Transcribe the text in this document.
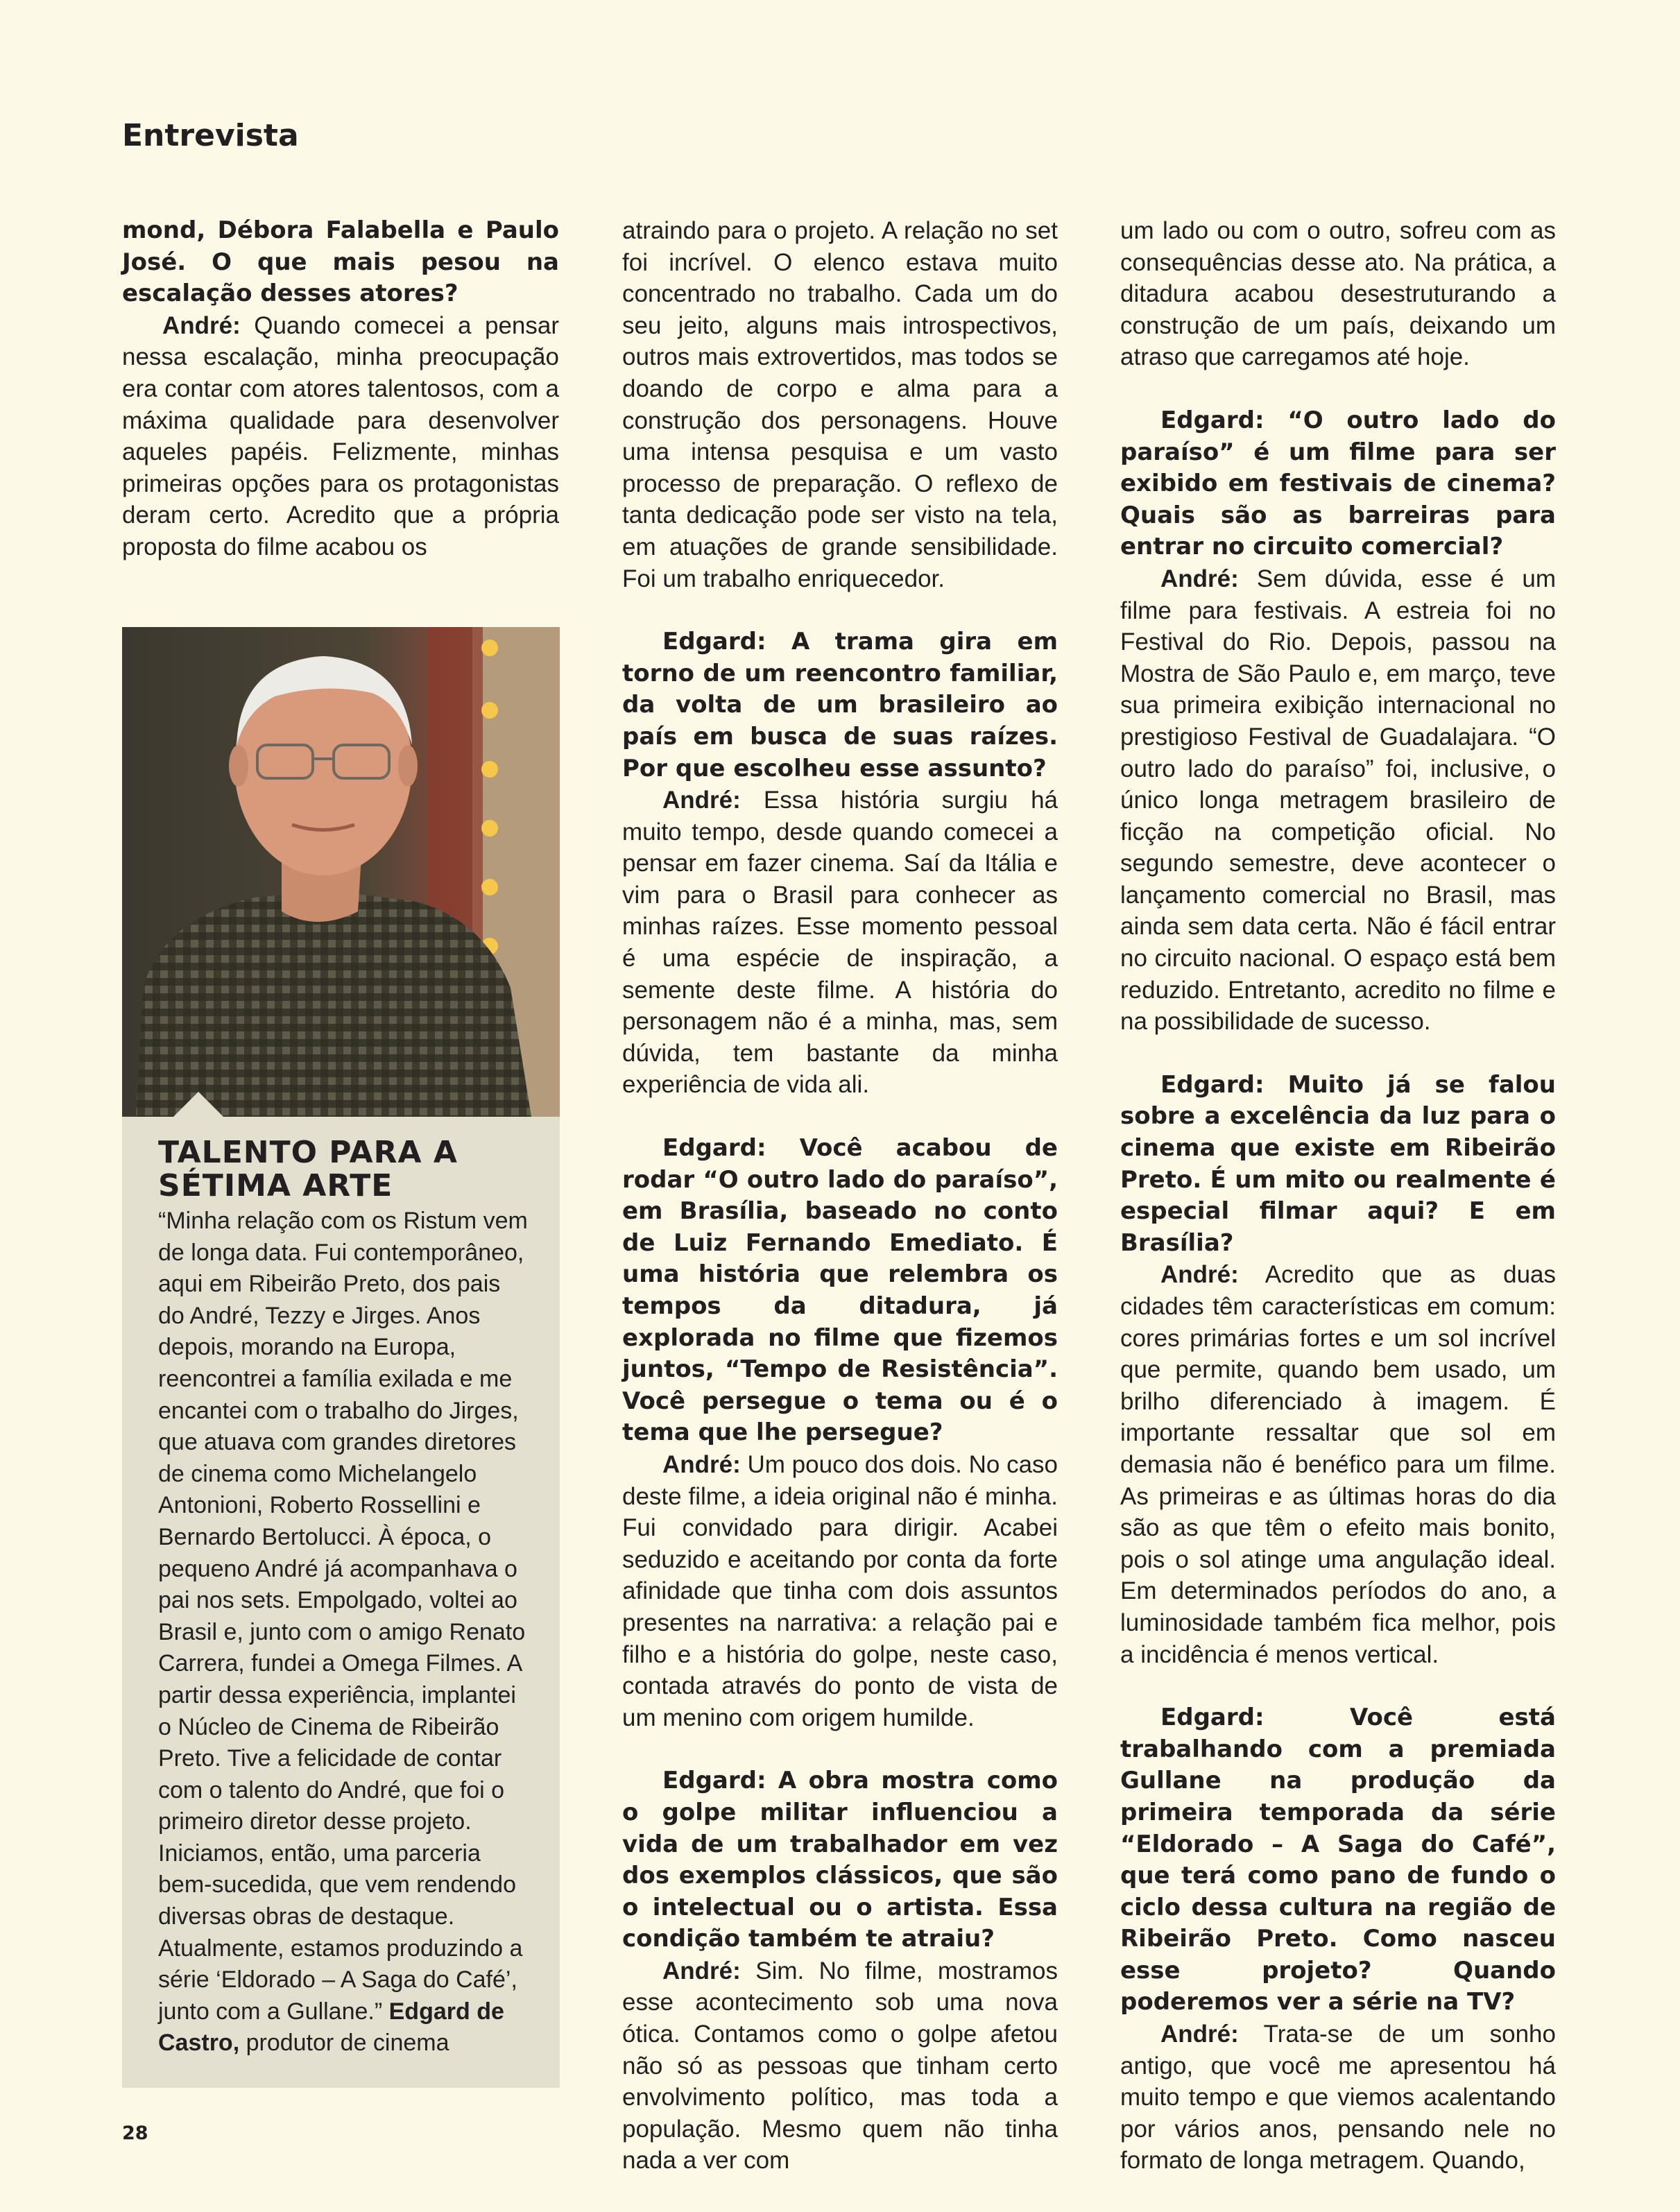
Entrevista

mond, Débora Falabella e Paulo José. O que mais pesou na escalação desses atores?

André: Quando comecei a pensar nessa escalação, minha preocupação era contar com atores talentosos, com a máxima qualidade para desenvolver aqueles papéis. Felizmente, minhas primeiras opções para os protagonistas deram certo. Acredito que a própria proposta do filme acabou os

TALENTO PARA A SÉTIMA ARTE
“Minha relação com os Ristum vem de longa data. Fui contemporâneo, aqui em Ribeirão Preto, dos pais do André, Tezzy e Jirges. Anos depois, morando na Europa, reencontrei a família exilada e me encantei com o trabalho do Jirges, que atuava com grandes diretores de cinema como Michelangelo Antonioni, Roberto Rossellini e Bernardo Bertolucci. À época, o pequeno André já acompanhava o pai nos sets. Empolgado, voltei ao Brasil e, junto com o amigo Renato Carrera, fundei a Omega Filmes. A partir dessa experiência, implantei o Núcleo de Cinema de Ribeirão Preto. Tive a felicidade de contar com o talento do André, que foi o primeiro diretor desse projeto. Iniciamos, então, uma parceria bem-sucedida, que vem rendendo diversas obras de destaque. Atualmente, estamos produzindo a série ‘Eldorado – A Saga do Café’, junto com a Gullane.” Edgard de Castro, produtor de cinema

atraindo para o projeto. A relação no set foi incrível. O elenco estava muito concentrado no trabalho. Cada um do seu jeito, alguns mais introspectivos, outros mais extrovertidos, mas todos se doando de corpo e alma para a construção dos personagens. Houve uma intensa pesquisa e um vasto processo de preparação. O reflexo de tanta dedicação pode ser visto na tela, em atuações de grande sensibilidade. Foi um trabalho enriquecedor.

Edgard: A trama gira em torno de um reencontro familiar, da volta de um brasileiro ao país em busca de suas raízes. Por que escolheu esse assunto?

André: Essa história surgiu há muito tempo, desde quando comecei a pensar em fazer cinema. Saí da Itália e vim para o Brasil para conhecer as minhas raízes. Esse momento pessoal é uma espécie de inspiração, a semente deste filme. A história do personagem não é a minha, mas, sem dúvida, tem bastante da minha experiência de vida ali.

Edgard: Você acabou de rodar “O outro lado do paraíso”, em Brasília, baseado no conto de Luiz Fernando Emediato. É uma história que relembra os tempos da ditadura, já explorada no filme que fizemos juntos, “Tempo de Resistência”. Você persegue o tema ou é o tema que lhe persegue?

André: Um pouco dos dois. No caso deste filme, a ideia original não é minha. Fui convidado para dirigir. Acabei seduzido e aceitando por conta da forte afinidade que tinha com dois assuntos presentes na narrativa: a relação pai e filho e a história do golpe, neste caso, contada através do ponto de vista de um menino com origem humilde.

Edgard: A obra mostra como o golpe militar influenciou a vida de um trabalhador em vez dos exemplos clássicos, que são o intelectual ou o artista. Essa condição também te atraiu?

André: Sim. No filme, mostramos esse acontecimento sob uma nova ótica. Contamos como o golpe afetou não só as pessoas que tinham certo envolvimento político, mas toda a população. Mesmo quem não tinha nada a ver com

um lado ou com o outro, sofreu com as consequências desse ato. Na prática, a ditadura acabou desestruturando a construção de um país, deixando um atraso que carregamos até hoje.

Edgard: “O outro lado do paraíso” é um filme para ser exibido em festivais de cinema? Quais são as barreiras para entrar no circuito comercial?

André: Sem dúvida, esse é um filme para festivais. A estreia foi no Festival do Rio. Depois, passou na Mostra de São Paulo e, em março, teve sua primeira exibição internacional no prestigioso Festival de Guadalajara. “O outro lado do paraíso” foi, inclusive, o único longa metragem brasileiro de ficção na competição oficial. No segundo semestre, deve acontecer o lançamento comercial no Brasil, mas ainda sem data certa. Não é fácil entrar no circuito nacional. O espaço está bem reduzido. Entretanto, acredito no filme e na possibilidade de sucesso.

Edgard: Muito já se falou sobre a excelência da luz para o cinema que existe em Ribeirão Preto. É um mito ou realmente é especial filmar aqui? E em Brasília?

André: Acredito que as duas cidades têm características em comum: cores primárias fortes e um sol incrível que permite, quando bem usado, um brilho diferenciado à imagem. É importante ressaltar que sol em demasia não é benéfico para um filme. As primeiras e as últimas horas do dia são as que têm o efeito mais bonito, pois o sol atinge uma angulação ideal. Em determinados períodos do ano, a luminosidade também fica melhor, pois a incidência é menos vertical.

Edgard: Você está trabalhando com a premiada Gullane na produção da primeira temporada da série “Eldorado – A Saga do Café”, que terá como pano de fundo o ciclo dessa cultura na região de Ribeirão Preto. Como nasceu esse projeto? Quando poderemos ver a série na TV?

André: Trata-se de um sonho antigo, que você me apresentou há muito tempo e que viemos acalentando por vários anos, pensando nele no formato de longa metragem. Quando,

28
